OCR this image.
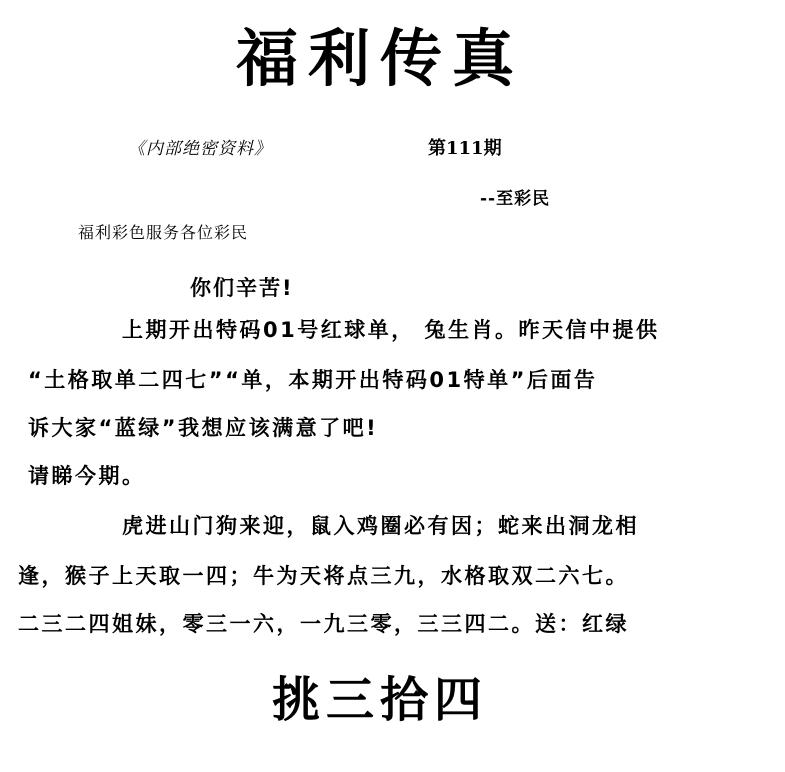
福利传真
《内部绝密资料》	第111期
--至彩民
福利彩色服务各位彩民
你们辛苦!
上期开出特码01号红球单， 兔生肖。昨天信中提供
“土格取单二四七”“单，本期开出特码01特单”后面告
诉大家“蓝绿”我想应该满意了吧!
请睇今期。
虎进山门狗来迎，鼠入鸡圈必有因；蛇来出洞龙相
逢，猴子上天取一四；牛为天将点三九，水格取双二六七。
二三二四姐妹，零三一六，一九三零，三三四二。送：红绿
挑三拾四
